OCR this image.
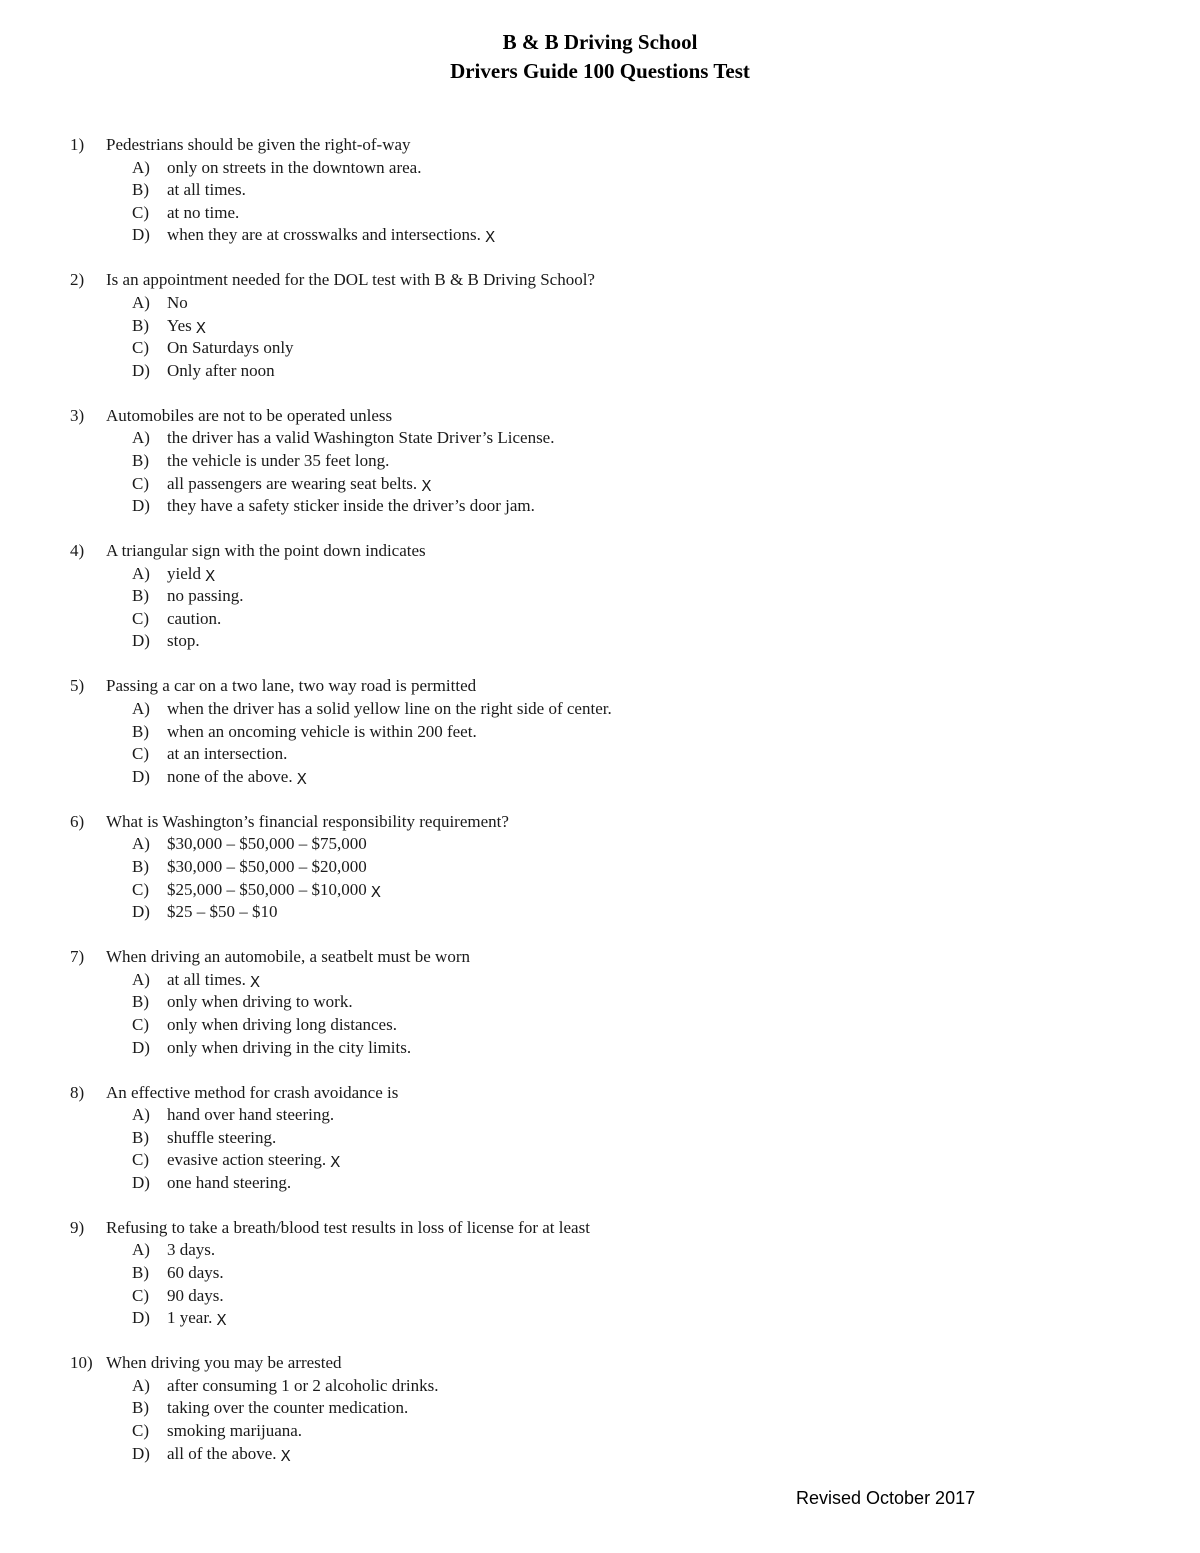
B & B Driving School
Drivers Guide 100 Questions Test
1)	Pedestrians should be given the right-of-way
A)	only on streets in the downtown area.
B)	at all times.
C)	at no time.
D)	when they are at crosswalks and intersections. X
2)	Is an appointment needed for the DOL test with B & B Driving School?
A)	No
B)	Yes X
C)	On Saturdays only
D)	Only after noon
3)	Automobiles are not to be operated unless
A)	the driver has a valid Washington State Driver’s License.
B)	the vehicle is under 35 feet long.
C)	all passengers are wearing seat belts. X
D)	they have a safety sticker inside the driver’s door jam.
4)	A triangular sign with the point down indicates
A)	yield X
B)	no passing.
C)	caution.
D)	stop.
5)	Passing a car on a two lane, two way road is permitted
A)	when the driver has a solid yellow line on the right side of center.
B)	when an oncoming vehicle is within 200 feet.
C)	at an intersection.
D)	none of the above. X
6)	What is Washington’s financial responsibility requirement?
A)	$30,000 – $50,000 – $75,000
B)	$30,000 – $50,000 – $20,000
C)	$25,000 – $50,000 – $10,000 X
D)	$25 – $50 – $10
7)	When driving an automobile, a seatbelt must be worn
A)	at all times. X
B)	only when driving to work.
C)	only when driving long distances.
D)	only when driving in the city limits.
8)	An effective method for crash avoidance is
A)	hand over hand steering.
B)	shuffle steering.
C)	evasive action steering. X
D)	one hand steering.
9)	Refusing to take a breath/blood test results in loss of license for at least
A)	3 days.
B)	60 days.
C)	90 days.
D)	1 year. X
10) When driving you may be arrested
A)	after consuming 1 or 2 alcoholic drinks.
B)	taking over the counter medication.
C)	smoking marijuana.
D)	all of the above. X
Revised October 2017
